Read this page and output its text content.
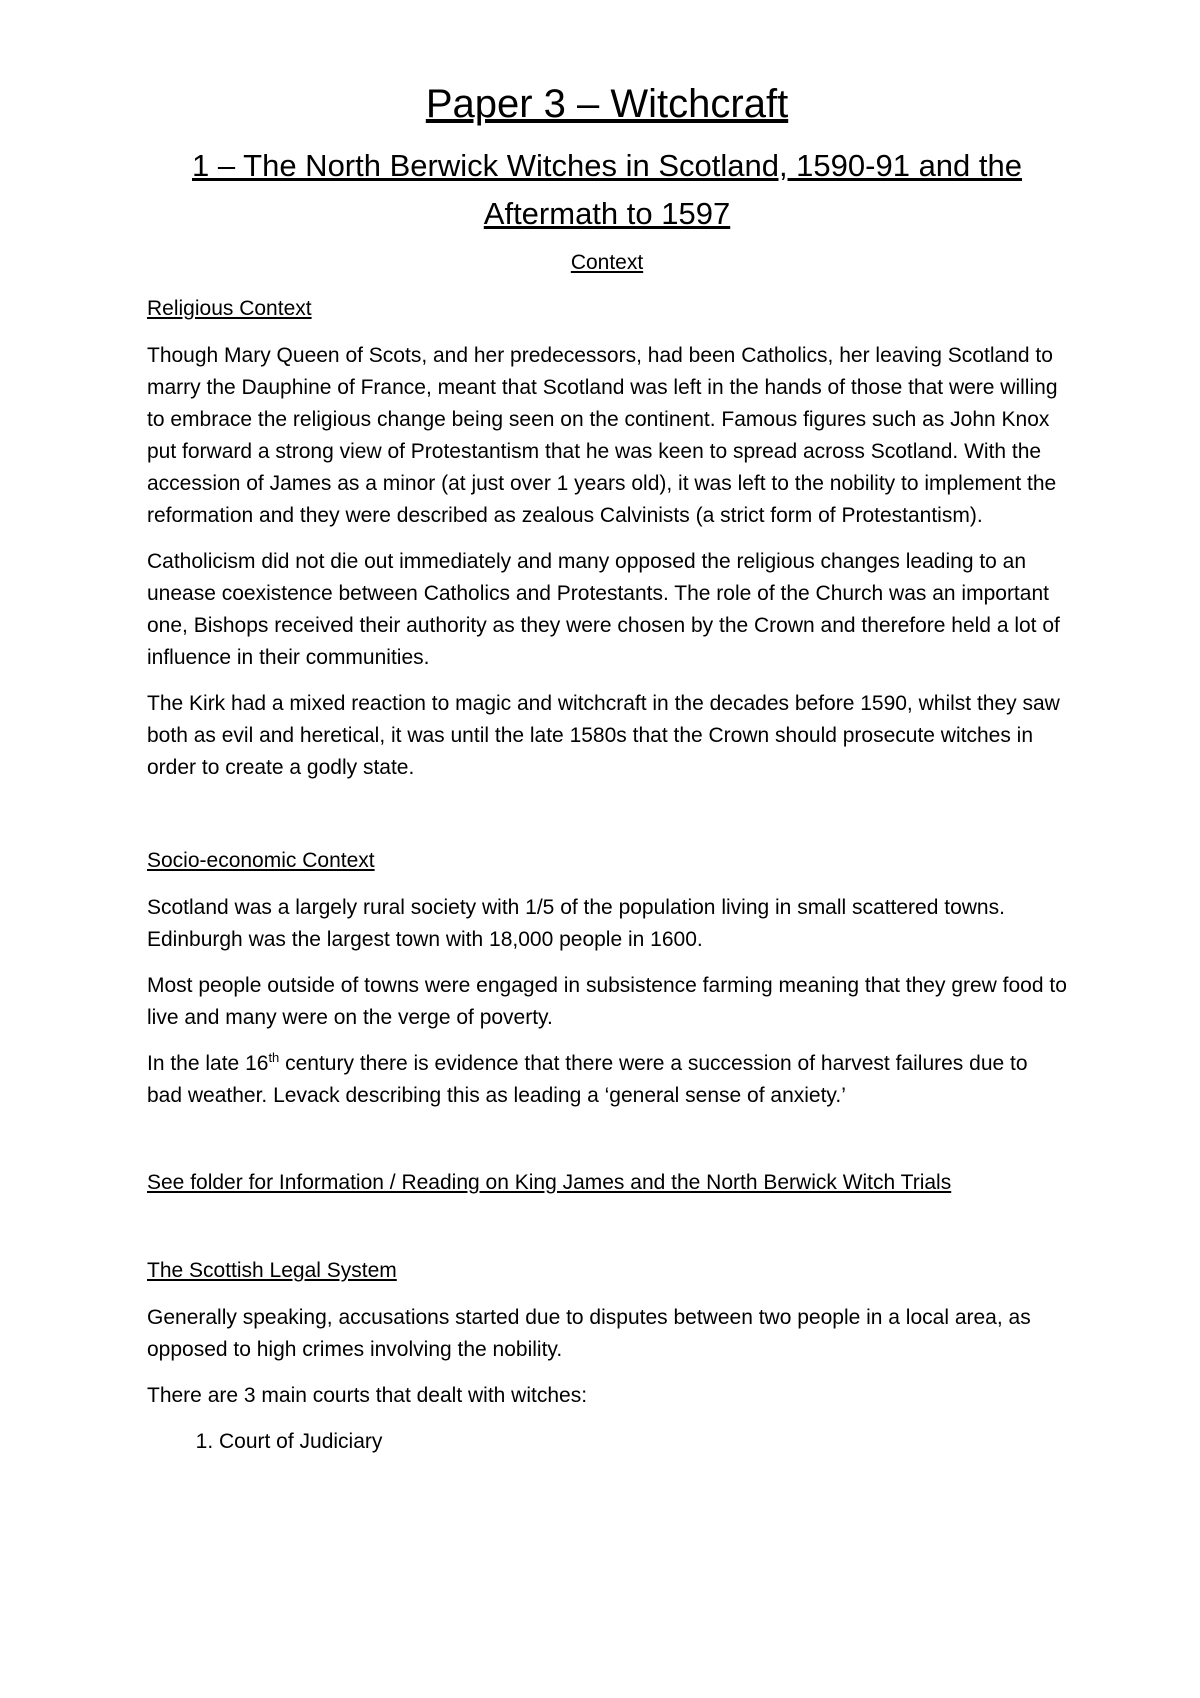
Paper 3 – Witchcraft
1 – The North Berwick Witches in Scotland, 1590-91 and the
Aftermath to 1597
Context
Religious Context

Though Mary Queen of Scots, and her predecessors, had been Catholics, her leaving Scotland to marry the Dauphine of France, meant that Scotland was left in the hands of those that were willing to embrace the religious change being seen on the continent. Famous figures such as John Knox put forward a strong view of Protestantism that he was keen to spread across Scotland. With the accession of James as a minor (at just over 1 years old), it was left to the nobility to implement the reformation and they were described as zealous Calvinists (a strict form of Protestantism).

Catholicism did not die out immediately and many opposed the religious changes leading to an unease coexistence between Catholics and Protestants. The role of the Church was an important one, Bishops received their authority as they were chosen by the Crown and therefore held a lot of influence in their communities.

The Kirk had a mixed reaction to magic and witchcraft in the decades before 1590, whilst they saw both as evil and heretical, it was until the late 1580s that the Crown should prosecute witches in order to create a godly state.

Socio-economic Context

Scotland was a largely rural society with 1/5 of the population living in small scattered towns. Edinburgh was the largest town with 18,000 people in 1600.

Most people outside of towns were engaged in subsistence farming meaning that they grew food to live and many were on the verge of poverty.

In the late 16th century there is evidence that there were a succession of harvest failures due to bad weather. Levack describing this as leading a ‘general sense of anxiety.’

See folder for Information / Reading on King James and the North Berwick Witch Trials
The Scottish Legal System

Generally speaking, accusations started due to disputes between two people in a local area, as opposed to high crimes involving the nobility.

There are 3 main courts that dealt with witches:

1. Court of Judiciary
